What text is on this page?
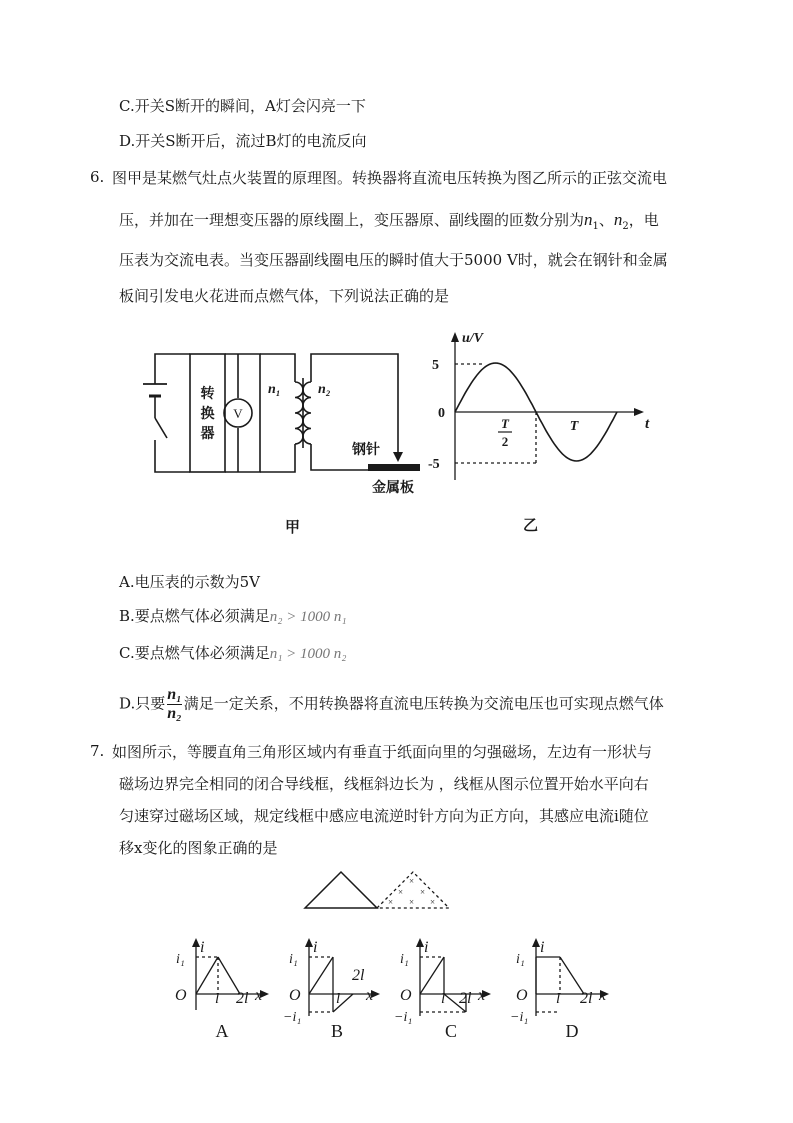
C.开关S断开的瞬间，A灯会闪亮一下
D.开关S断开后，流过B灯的电流反向
6. 图甲是某燃气灶点火装置的原理图。转换器将直流电压转换为图乙所示的正弦交流电
压，并加在一理想变压器的原线圈上，变压器原、副线圈的匝数分别为$n_1$、$n_2$，电
压表为交流电表。当变压器副线圈电压的瞬时值大于5000 V时，就会在钢针和金属
板间引发电火花进而点燃气体，下列说法正确的是
转
换
器
V
n₁	n₂
钢针
金属板
甲	乙
u/V
t
5
-5
0
T
2
T
A.电压表的示数为5V
B.要点燃气体必须满足n₂ > 1000 n₁
C.要点燃气体必须满足n₁ > 1000 n₂
D.只要 $\frac{\text{n₁}}{\text{n₂}}$ 满足一定关系，不用转换器将直流电压转换为交流电压也可实现点燃气体
7. 如图所示，等腰直角三角形区域内有垂直于纸面向里的匀强磁场，左边有一形状与
磁场边界完全相同的闭合导线框，线框斜边长为 ，线框从图示位置开始水平向右
匀速穿过磁场区域，规定线框中感应电流逆时针方向为正方向，其感应电流i随位
移x变化的图象正确的是
×
× ×
× × ×
i₁
i
O l 2l x
A
i₁
i
O
−i₁
l
2l
x
B
i₁
i
O
−i₁
l 2l x
C
i₁
i
O
−i₁
l 2l x
D
